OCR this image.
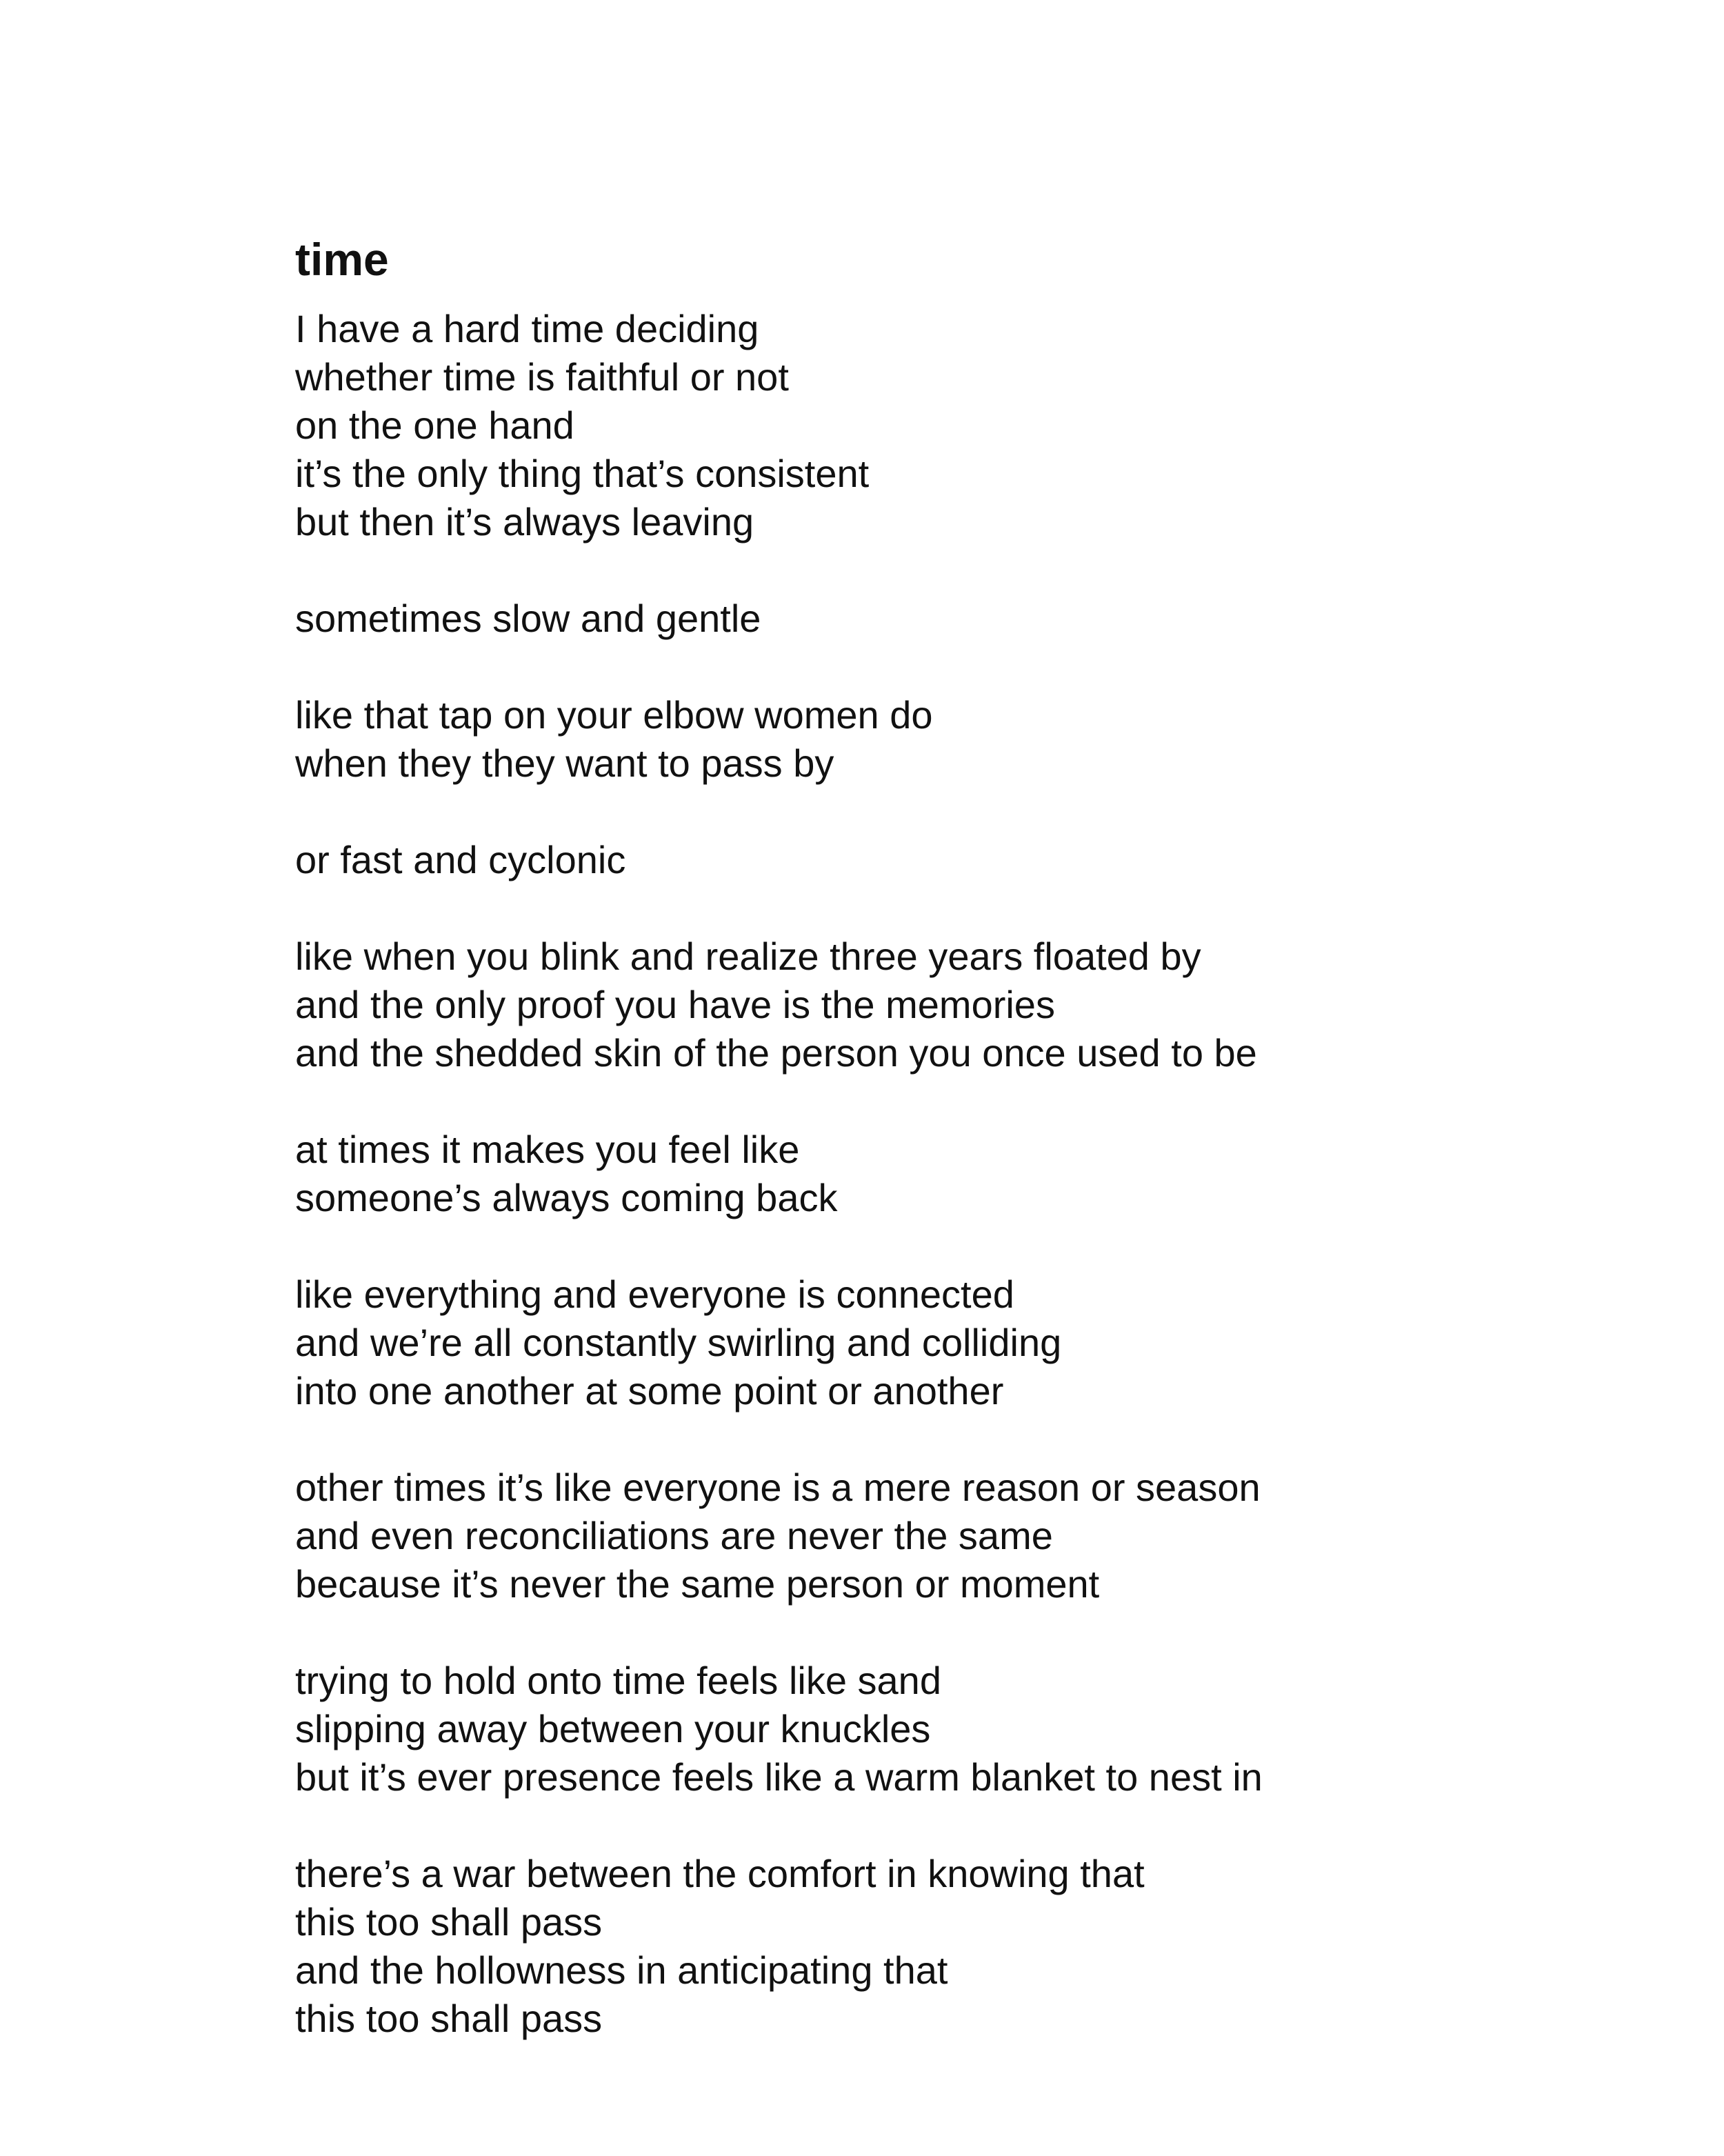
time
I have a hard time deciding
whether time is faithful or not
on the one hand
it’s the only thing that’s consistent
but then it’s always leaving
sometimes slow and gentle
like that tap on your elbow women do
when they they want to pass by
or fast and cyclonic
like when you blink and realize three years floated by
and the only proof you have is the memories
and the shedded skin of the person you once used to be
at times it makes you feel like
someone’s always coming back
like everything and everyone is connected
and we’re all constantly swirling and colliding
into one another at some point or another
other times it’s like everyone is a mere reason or season
and even reconciliations are never the same
because it’s never the same person or moment
trying to hold onto time feels like sand
slipping away between your knuckles
but it’s ever presence feels like a warm blanket to nest in
there’s a war between the comfort in knowing that
this too shall pass
and the hollowness in anticipating that
this too shall pass
